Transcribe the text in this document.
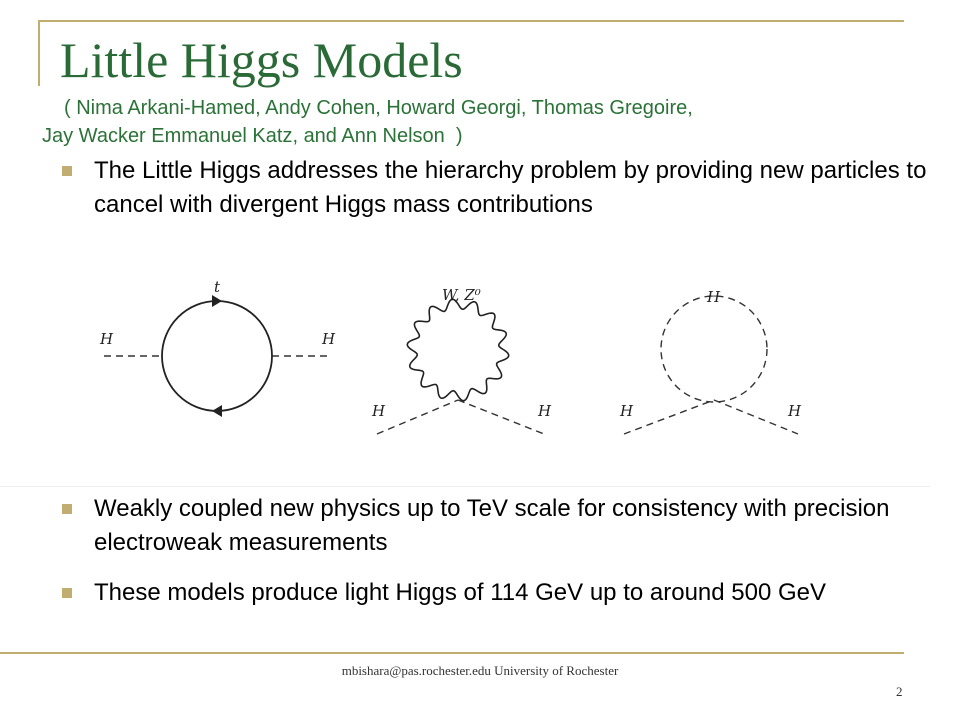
Little Higgs Models
( Nima Arkani-Hamed, Andy Cohen, Howard Georgi, Thomas Gregoire,
Jay Wacker Emmanuel Katz, and Ann Nelson  )
The Little Higgs addresses the hierarchy problem by providing new particles to cancel with divergent Higgs mass contributions
t
H	H
W, Z⁰
H	H
H
H	H
Weakly coupled new physics up to TeV scale for consistency with precision electroweak measurements
These models produce light Higgs of 114 GeV up to around 500 GeV
mbishara@pas.rochester.edu University of Rochester
2
